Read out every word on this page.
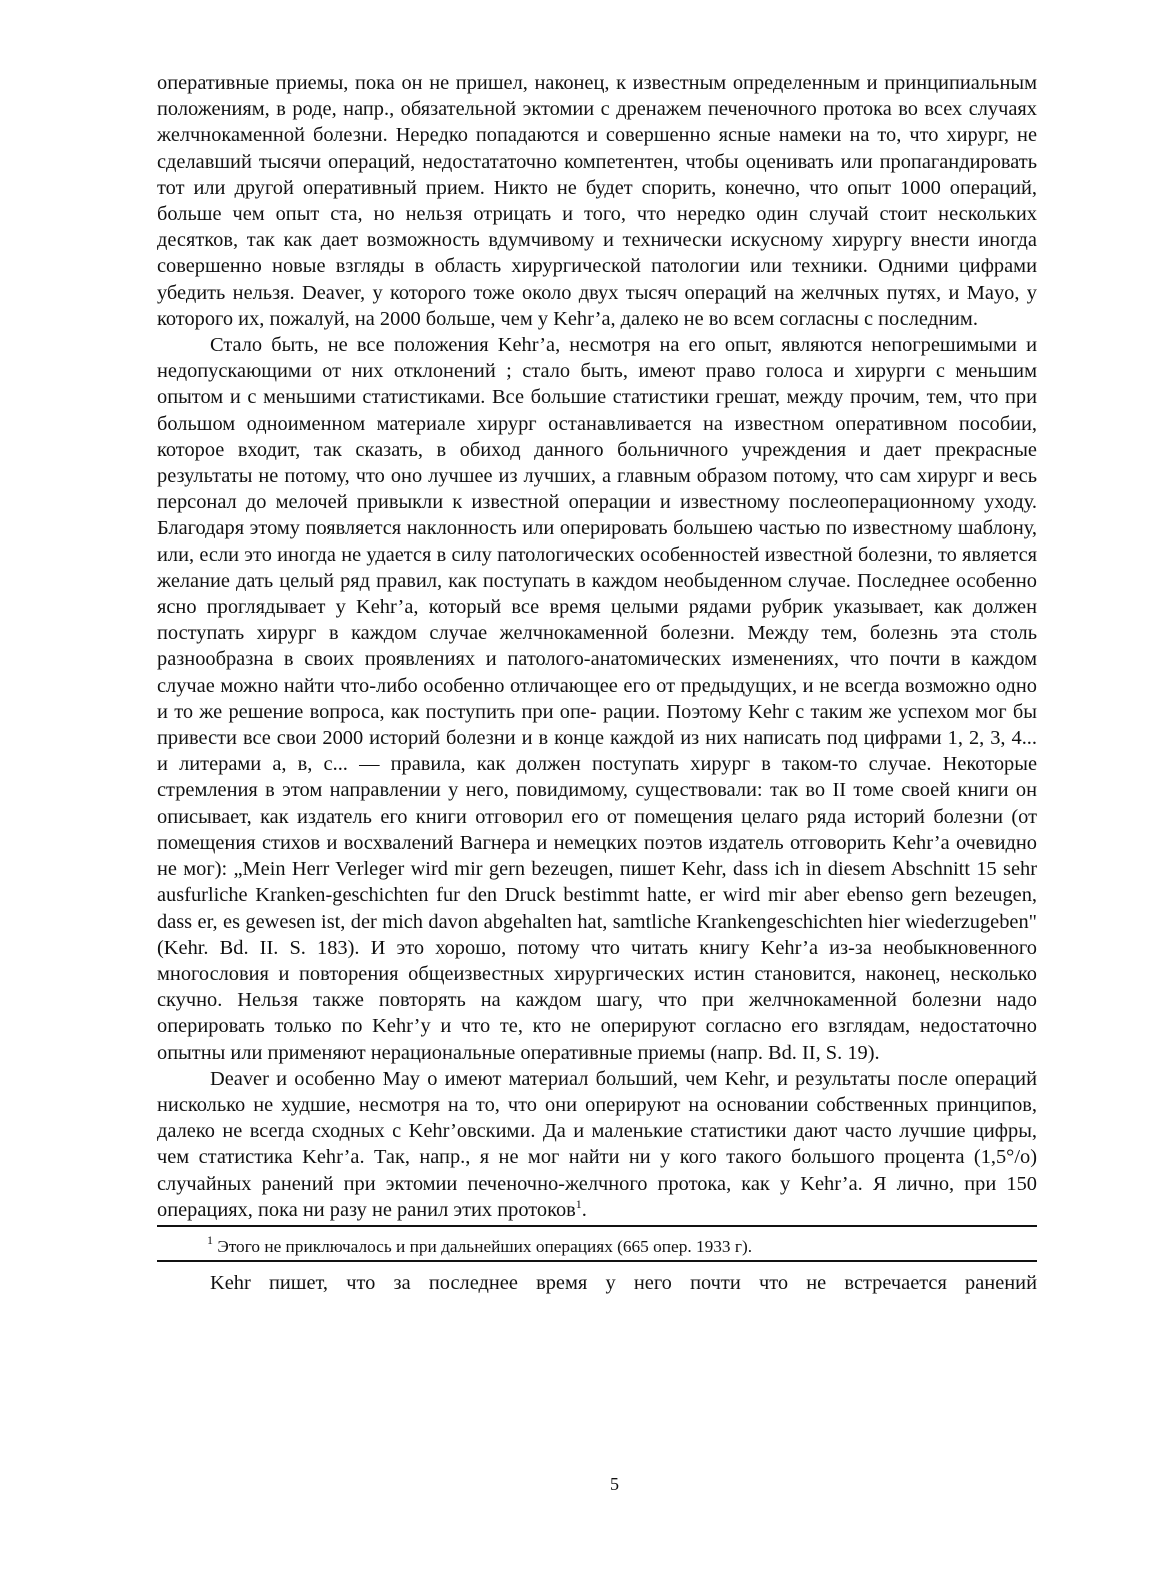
оперативные приемы, пока он не пришел, наконец, к известным определенным и принципиальным положениям, в роде, напр., обязательной эктомии с дренажем печеночного протока во всех случаях желчнокаменной болезни. Нередко попадаются и совершенно ясные намеки на то, что хирург, не сделавший тысячи операций, недостататочно компетентен, чтобы оценивать или пропагандировать тот или другой оперативный прием. Никто не будет спорить, конечно, что опыт 1000 операций, больше чем опыт ста, но нельзя отрицать и того, что нередко один случай стоит нескольких десятков, так как дает возможность вдумчивому и технически искусному хирургу внести иногда совершенно новые взгляды в область хирургической патологии или техники. Одними цифрами убедить нельзя. Deaver, у которого тоже около двух тысяч операций на желчных путях, и Mayo, у которого их, пожалуй, на 2000 больше, чем у Kehr’a, далеко не во всем согласны с последним.

Стало быть, не все положения Kehr’a, несмотря на его опыт, являются непогрешимыми и недопускающими от них отклонений ; стало быть, имеют право голоса и хирурги с меньшим опытом и с меньшими статистиками. Все большие статистики грешат, между прочим, тем, что при большом одноименном материале хирург останавливается на известном оперативном пособии, которое входит, так сказать, в обиход данного больничного учреждения и дает прекрасные результаты не потому, что оно лучшее из лучших, а главным образом потому, что сам хирург и весь персонал до мелочей привыкли к известной операции и известному послеоперационному уходу. Благодаря этому появляется наклонность или оперировать большею частью по известному шаблону, или, если это иногда не удается в силу патологических особенностей известной болезни, то является желание дать целый ряд правил, как поступать в каждом необыденном случае. Последнее особенно ясно проглядывает у Kehr’a, который все время целыми рядами рубрик указывает, как должен поступать хирург в каждом случае желчнокаменной болезни. Между тем, болезнь эта столь разнообразна в своих проявлениях и патолого-анатомических изменениях, что почти в каждом случае можно найти что-либо особенно отличающее его от предыдущих, и не всегда возможно одно и то же решение вопроса, как поступить при опе- рации. Поэтому Kehr с таким же успехом мог бы привести все свои 2000 историй болезни и в конце каждой из них написать под цифрами 1, 2, 3, 4... и литерами а, в, с... — правила, как должен поступать хирург в таком-то случае. Некоторые стремления в этом направлении у него, повидимому, существовали: так во II томе своей книги он описывает, как издатель его книги отговорил его от помещения целаго ряда историй болезни (от помещения стихов и восхвалений Вагнера и немецких поэтов издатель отговорить Kehr’a очевидно не мог): „Mein Herr Verleger wird mir gern bezeugen, пишет Kehr, dass ich in diesem Abschnitt 15 sehr ausfurliche Kranken-geschichten fur den Druck bestimmt hatte, er wird mir aber ebenso gern bezeugen, dass er, es gewesen ist, der mich davon abgehalten hat, samtliche Krankengeschichten hier wiederzugeben" (Kehr. Bd. II. S. 183). И это хорошо, потому что читать книгу Kehr’a из-за необыкновенного многословия и повторения общеизвестных хирургических истин становится, наконец, несколько скучно. Нельзя также повторять на каждом шагу, что при желчнокаменной болезни надо оперировать только по Kehr’y и что те, кто не оперируют согласно его взглядам, недостаточно опытны или применяют нерациональные оперативные приемы (напр. Bd. II, S. 19).

Deaver и особенно May о имеют материал больший, чем Kehr, и результаты после операций нисколько не худшие, несмотря на то, что они оперируют на основании собственных принципов, далеко не всегда сходных с Kehr’овскими. Да и маленькие статистики дают часто лучшие цифры, чем статистика Kehr’a. Так, напр., я не мог найти ни у кого такого большого процента (1,5°/о) случайных ранений при эктомии печеночно-желчного протока, как у Kehr’a. Я лично, при 150 операциях, пока ни разу не ранил этих протоков$^1$.

$^1$ Этого не приключалось и при дальнейших операциях (665 опер. 1933 г).

Kehr пишет, что за последнее время у него почти что не встречается ранений

5
